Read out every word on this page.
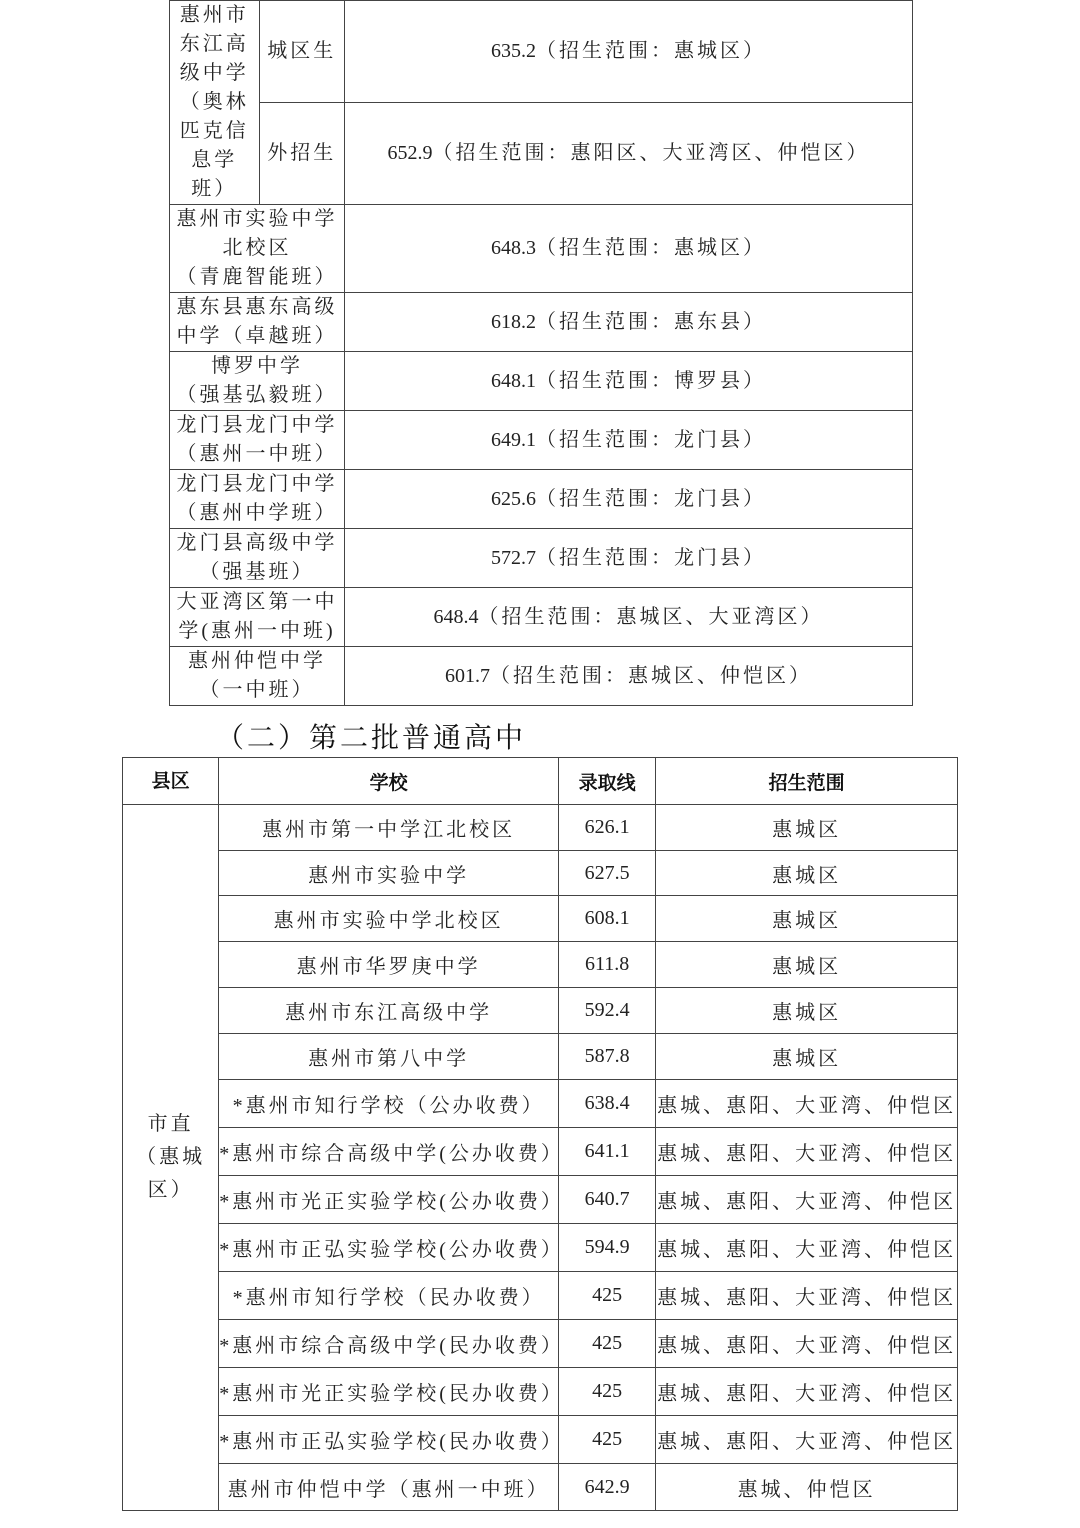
惠州市
东江高
级中学
（奥林
匹克信
息学
班）
	城区生	635.2（招生范围：惠城区）
	外招生	652.9（招生范围：惠阳区、大亚湾区、仲恺区）

惠州市实验中学
北校区
（青鹿智能班）		648.3（招生范围：惠城区）

惠东县惠东高级
中学（卓越班）		618.2（招生范围：惠东县）

博罗中学
（强基弘毅班）		648.1（招生范围：博罗县）

龙门县龙门中学
（惠州一中班）		649.1（招生范围：龙门县）

龙门县龙门中学
（惠州中学班）		625.6（招生范围：龙门县）

龙门县高级中学
（强基班）		572.7（招生范围：龙门县）

大亚湾区第一中
学(惠州一中班)		648.4（招生范围：惠城区、大亚湾区）

惠州仲恺中学
（一中班）		601.7（招生范围：惠城区、仲恺区）
（二）第二批普通高中
县区	学校	录取线	招生范围

市直
（惠城
区）	惠州市第一中学江北校区	626.1	惠城区
	惠州市实验中学	627.5	惠城区
	惠州市实验中学北校区	608.1	惠城区
	惠州市华罗庚中学	611.8	惠城区
	惠州市东江高级中学	592.4	惠城区
	惠州市第八中学	587.8	惠城区
	*惠州市知行学校（公办收费）	638.4	惠城、惠阳、大亚湾、仲恺区
	*惠州市综合高级中学(公办收费）	641.1	惠城、惠阳、大亚湾、仲恺区
	*惠州市光正实验学校(公办收费）	640.7	惠城、惠阳、大亚湾、仲恺区
	*惠州市正弘实验学校(公办收费）	594.9	惠城、惠阳、大亚湾、仲恺区
	*惠州市知行学校（民办收费）	425	惠城、惠阳、大亚湾、仲恺区
	*惠州市综合高级中学(民办收费）	425	惠城、惠阳、大亚湾、仲恺区
	*惠州市光正实验学校(民办收费）	425	惠城、惠阳、大亚湾、仲恺区
	*惠州市正弘实验学校(民办收费）	425	惠城、惠阳、大亚湾、仲恺区
	惠州市仲恺中学（惠州一中班）	642.9	惠城、仲恺区
